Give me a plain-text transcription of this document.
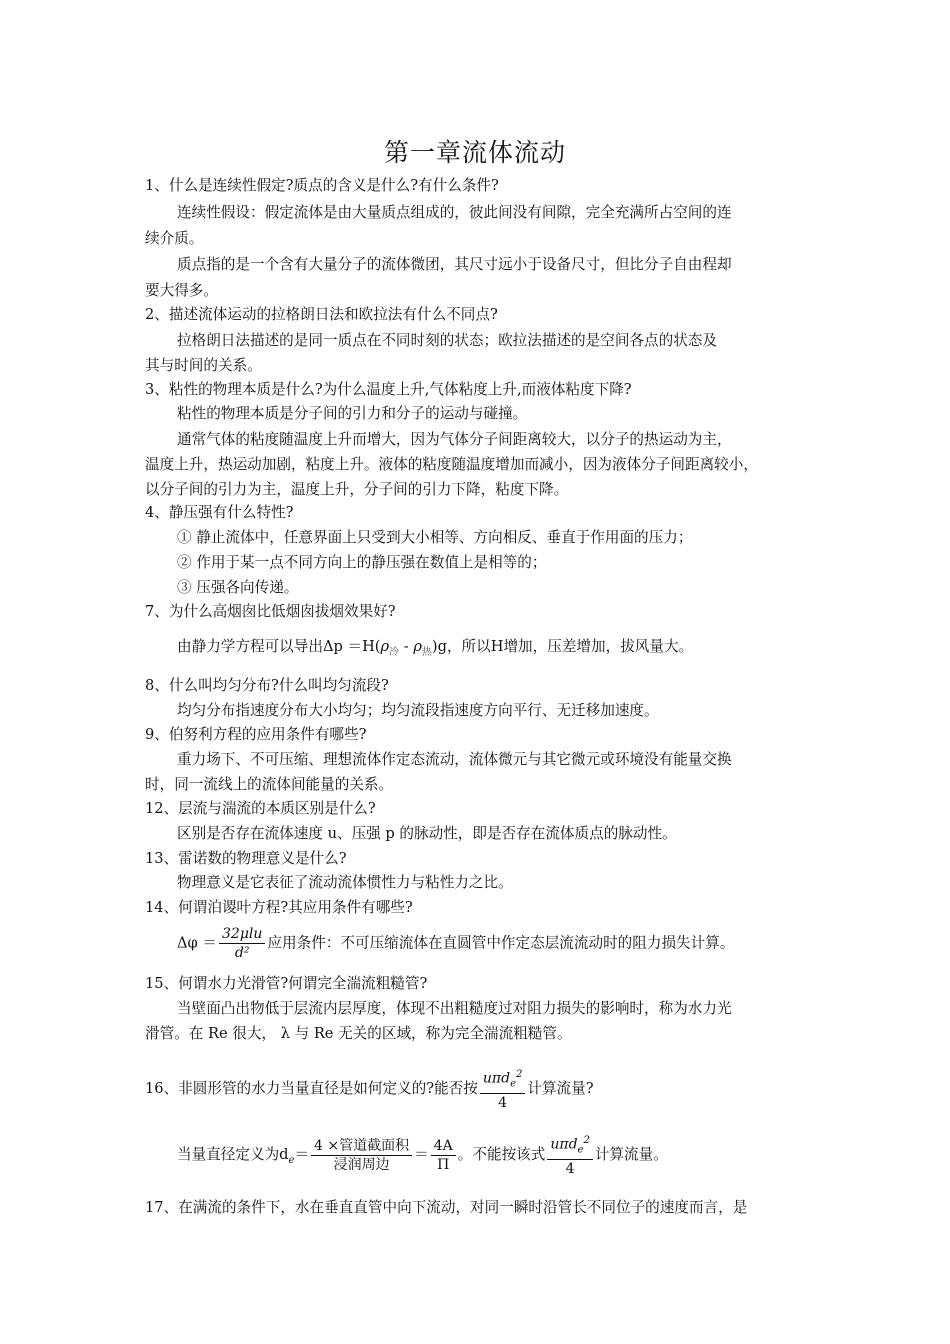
第一章流体流动
1、什么是连续性假定?质点的含义是什么?有什么条件?
连续性假设：假定流体是由大量质点组成的，彼此间没有间隙，完全充满所占空间的连
续介质。
质点指的是一个含有大量分子的流体微团，其尺寸远小于设备尺寸，但比分子自由程却
要大得多。
2、描述流体运动的拉格朗日法和欧拉法有什么不同点?
拉格朗日法描述的是同一质点在不同时刻的状态；欧拉法描述的是空间各点的状态及
其与时间的关系。
3、粘性的物理本质是什么?为什么温度上升,气体粘度上升,而液体粘度下降?
粘性的物理本质是分子间的引力和分子的运动与碰撞。
通常气体的粘度随温度上升而增大，因为气体分子间距离较大，以分子的热运动为主，
温度上升，热运动加剧，粘度上升。液体的粘度随温度增加而减小，因为液体分子间距离较小，
以分子间的引力为主，温度上升，分子间的引力下降，粘度下降。
4、静压强有什么特性?
① 静止流体中，任意界面上只受到大小相等、方向相反、垂直于作用面的压力；
② 作用于某一点不同方向上的静压强在数值上是相等的；
③ 压强各向传递。
7、为什么高烟囱比低烟囱拔烟效果好?
由静力学方程可以导出$\Delta p =H(\rho_冷 - \rho_热)g$，所以H增加，压差增加，拔风量大。
8、什么叫均匀分布?什么叫均匀流段?
均匀分布指速度分布大小均匀；均匀流段指速度方向平行、无迁移加速度。
9、伯努利方程的应用条件有哪些?
重力场下、不可压缩、理想流体作定态流动，流体微元与其它微元或环境没有能量交换
时，同一流线上的流体间能量的关系。
12、层流与湍流的本质区别是什么?
区别是否存在流体速度 u、压强 p 的脉动性，即是否存在流体质点的脉动性。
13、雷诺数的物理意义是什么?
物理意义是它表征了流动流体惯性力与粘性力之比。
14、何谓泊谡叶方程?其应用条件有哪些?
$\Delta\varphi = \frac{\text{32μlu}}{\text{d²}}$ 应用条件：不可压缩流体在直圆管中作定态层流流动时的阻力损失计算。
15、何谓水力光滑管?何谓完全湍流粗糙管?
当壁面凸出物低于层流内层厚度，体现不出粗糙度过对阻力损失的影响时，称为水力光
滑管。在 Re 很大， λ 与 Re 无关的区域，称为完全湍流粗糙管。
16、非圆形管的水力当量直径是如何定义的?能否按 $\frac{u\pi d_e^2}{4}$ 计算流量?
当量直径定义为$d_e= \frac{\text{4 ×管道截面积}}{\text{浸润周边}} = \frac{4A}{\Pi}$ 。不能按该式 $\frac{u\pi d_e^2}{4}$ 计算流量。
17、在满流的条件下，水在垂直直管中向下流动，对同一瞬时沿管长不同位子的速度而言，是
